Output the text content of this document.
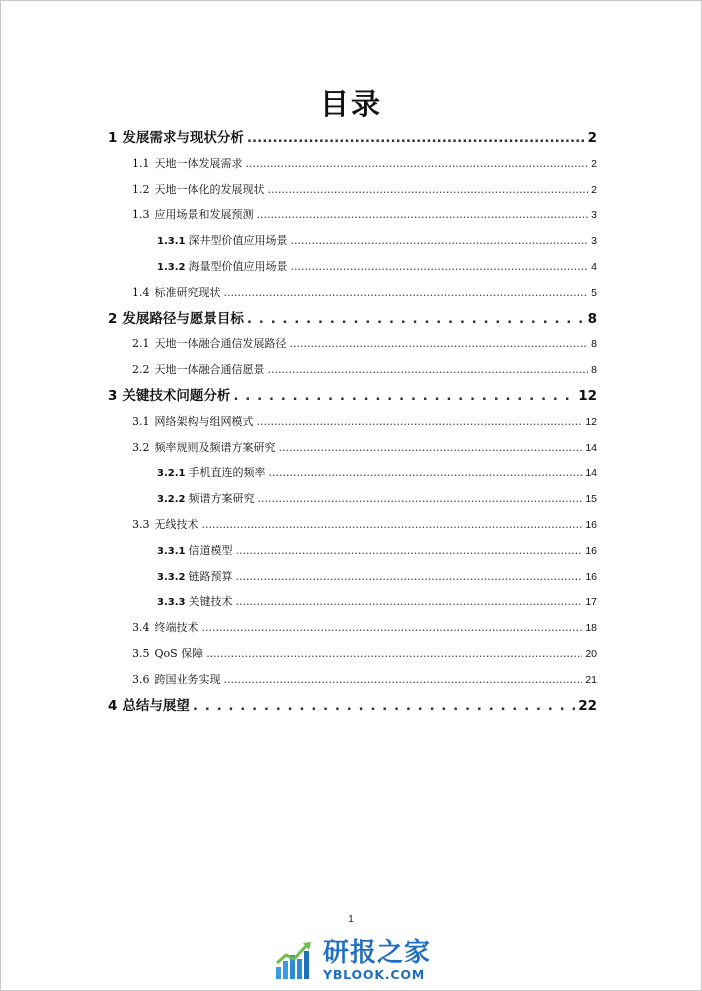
目录
1 发展需求与现状分析 .....	2
1.1 天地一体发展需求 .....	2
1.2 天地一体化的发展现状 .....	2
1.3 应用场景和发展预测 .....	3
1.3.1 深井型价值应用场景 .....	3
1.3.2 海量型价值应用场景 .....	4
1.4 标准研究现状 .....	5
2 发展路径与愿景目标 . . .	8
2.1 天地一体融合通信发展路径 .....	8
2.2 天地一体融合通信愿景 .....	8
3 关键技术问题分析 . . .	12
3.1 网络架构与组网模式 .....	12
3.2 频率规则及频谱方案研究 .....	14
3.2.1 手机直连的频率 .....	14
3.2.2 频谱方案研究 .....	15
3.3 无线技术 .....	16
3.3.1 信道模型 .....	16
3.3.2 链路预算 .....	16
3.3.3 关键技术 .....	17
3.4 终端技术 .....	18
3.5 QoS 保障 .....	20
3.6 跨国业务实现 .....	21
4 总结与展望 . . .	22
1
研报之家
YBLOOK.COM
